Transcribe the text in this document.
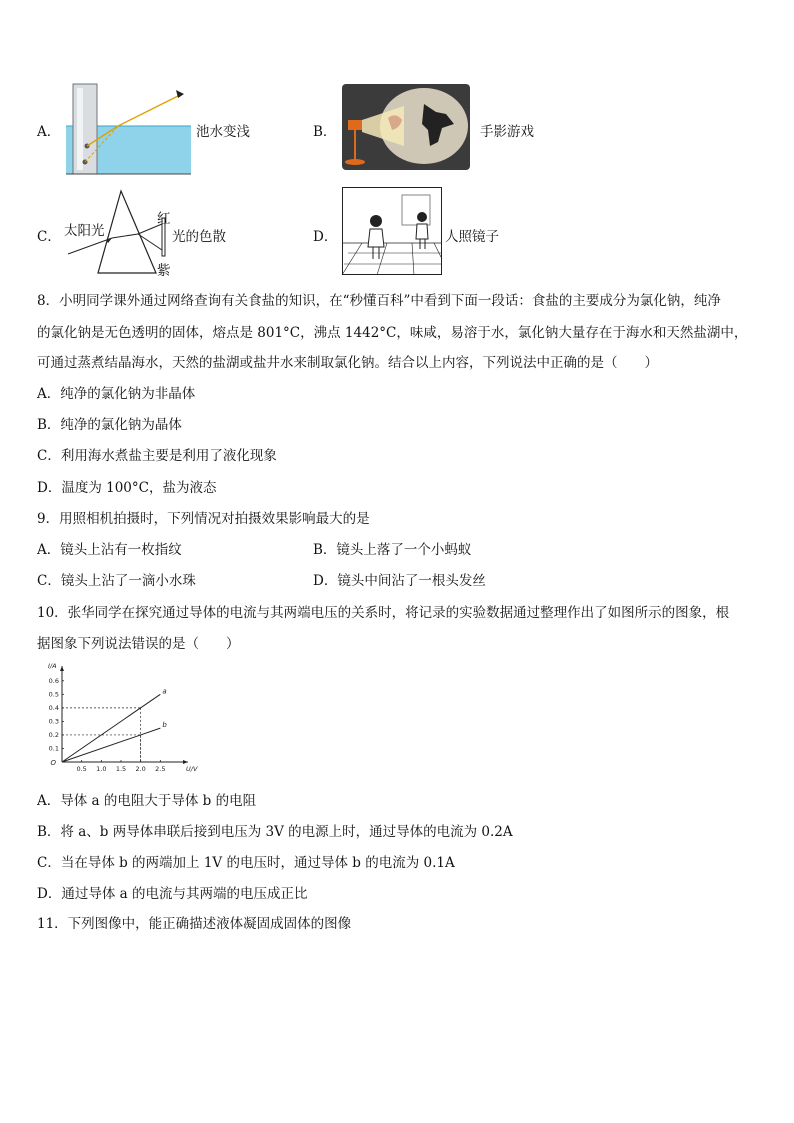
A．	池水变浅	B．	手影游戏
C． 太阳光
红
紫
光的色散	D．	人照镜子
8．小明同学课外通过网络查询有关食盐的知识，在“秒懂百科”中看到下面一段话：食盐的主要成分为氯化钠，纯净
的氯化钠是无色透明的固体，熔点是 801°C，沸点 1442°C，味咸，易溶于水，氯化钠大量存在于海水和天然盐湖中，
可通过蒸煮结晶海水，天然的盐湖或盐井水来制取氯化钠。结合以上内容，下列说法中正确的是（　　）
A．纯净的氯化钠为非晶体
B．纯净的氯化钠为晶体
C．利用海水煮盐主要是利用了液化现象
D．温度为 100°C，盐为液态
9．用照相机拍摄时，下列情况对拍摄效果影响最大的是
A．镜头上沾有一枚指纹	B．镜头上落了一个小蚂蚁
C．镜头上沾了一滴小水珠	D．镜头中间沾了一根头发丝
10．张华同学在探究通过导体的电流与其两端电压的关系时，将记录的实验数据通过整理作出了如图所示的图象，根
据图象下列说法错误的是（　　）
0.5 1.0 1.5 2.0 2.5
0.1
0.2
0.3
0.4
0.5
0.6
O
U/V
I/A
a
b
A．导体 a 的电阻大于导体 b 的电阻
B．将 a、b 两导体串联后接到电压为 3V 的电源上时，通过导体的电流为 0.2A
C．当在导体 b 的两端加上 1V 的电压时，通过导体 b 的电流为 0.1A
D．通过导体 a 的电流与其两端的电压成正比
11．下列图像中，能正确描述液体凝固成固体的图像
